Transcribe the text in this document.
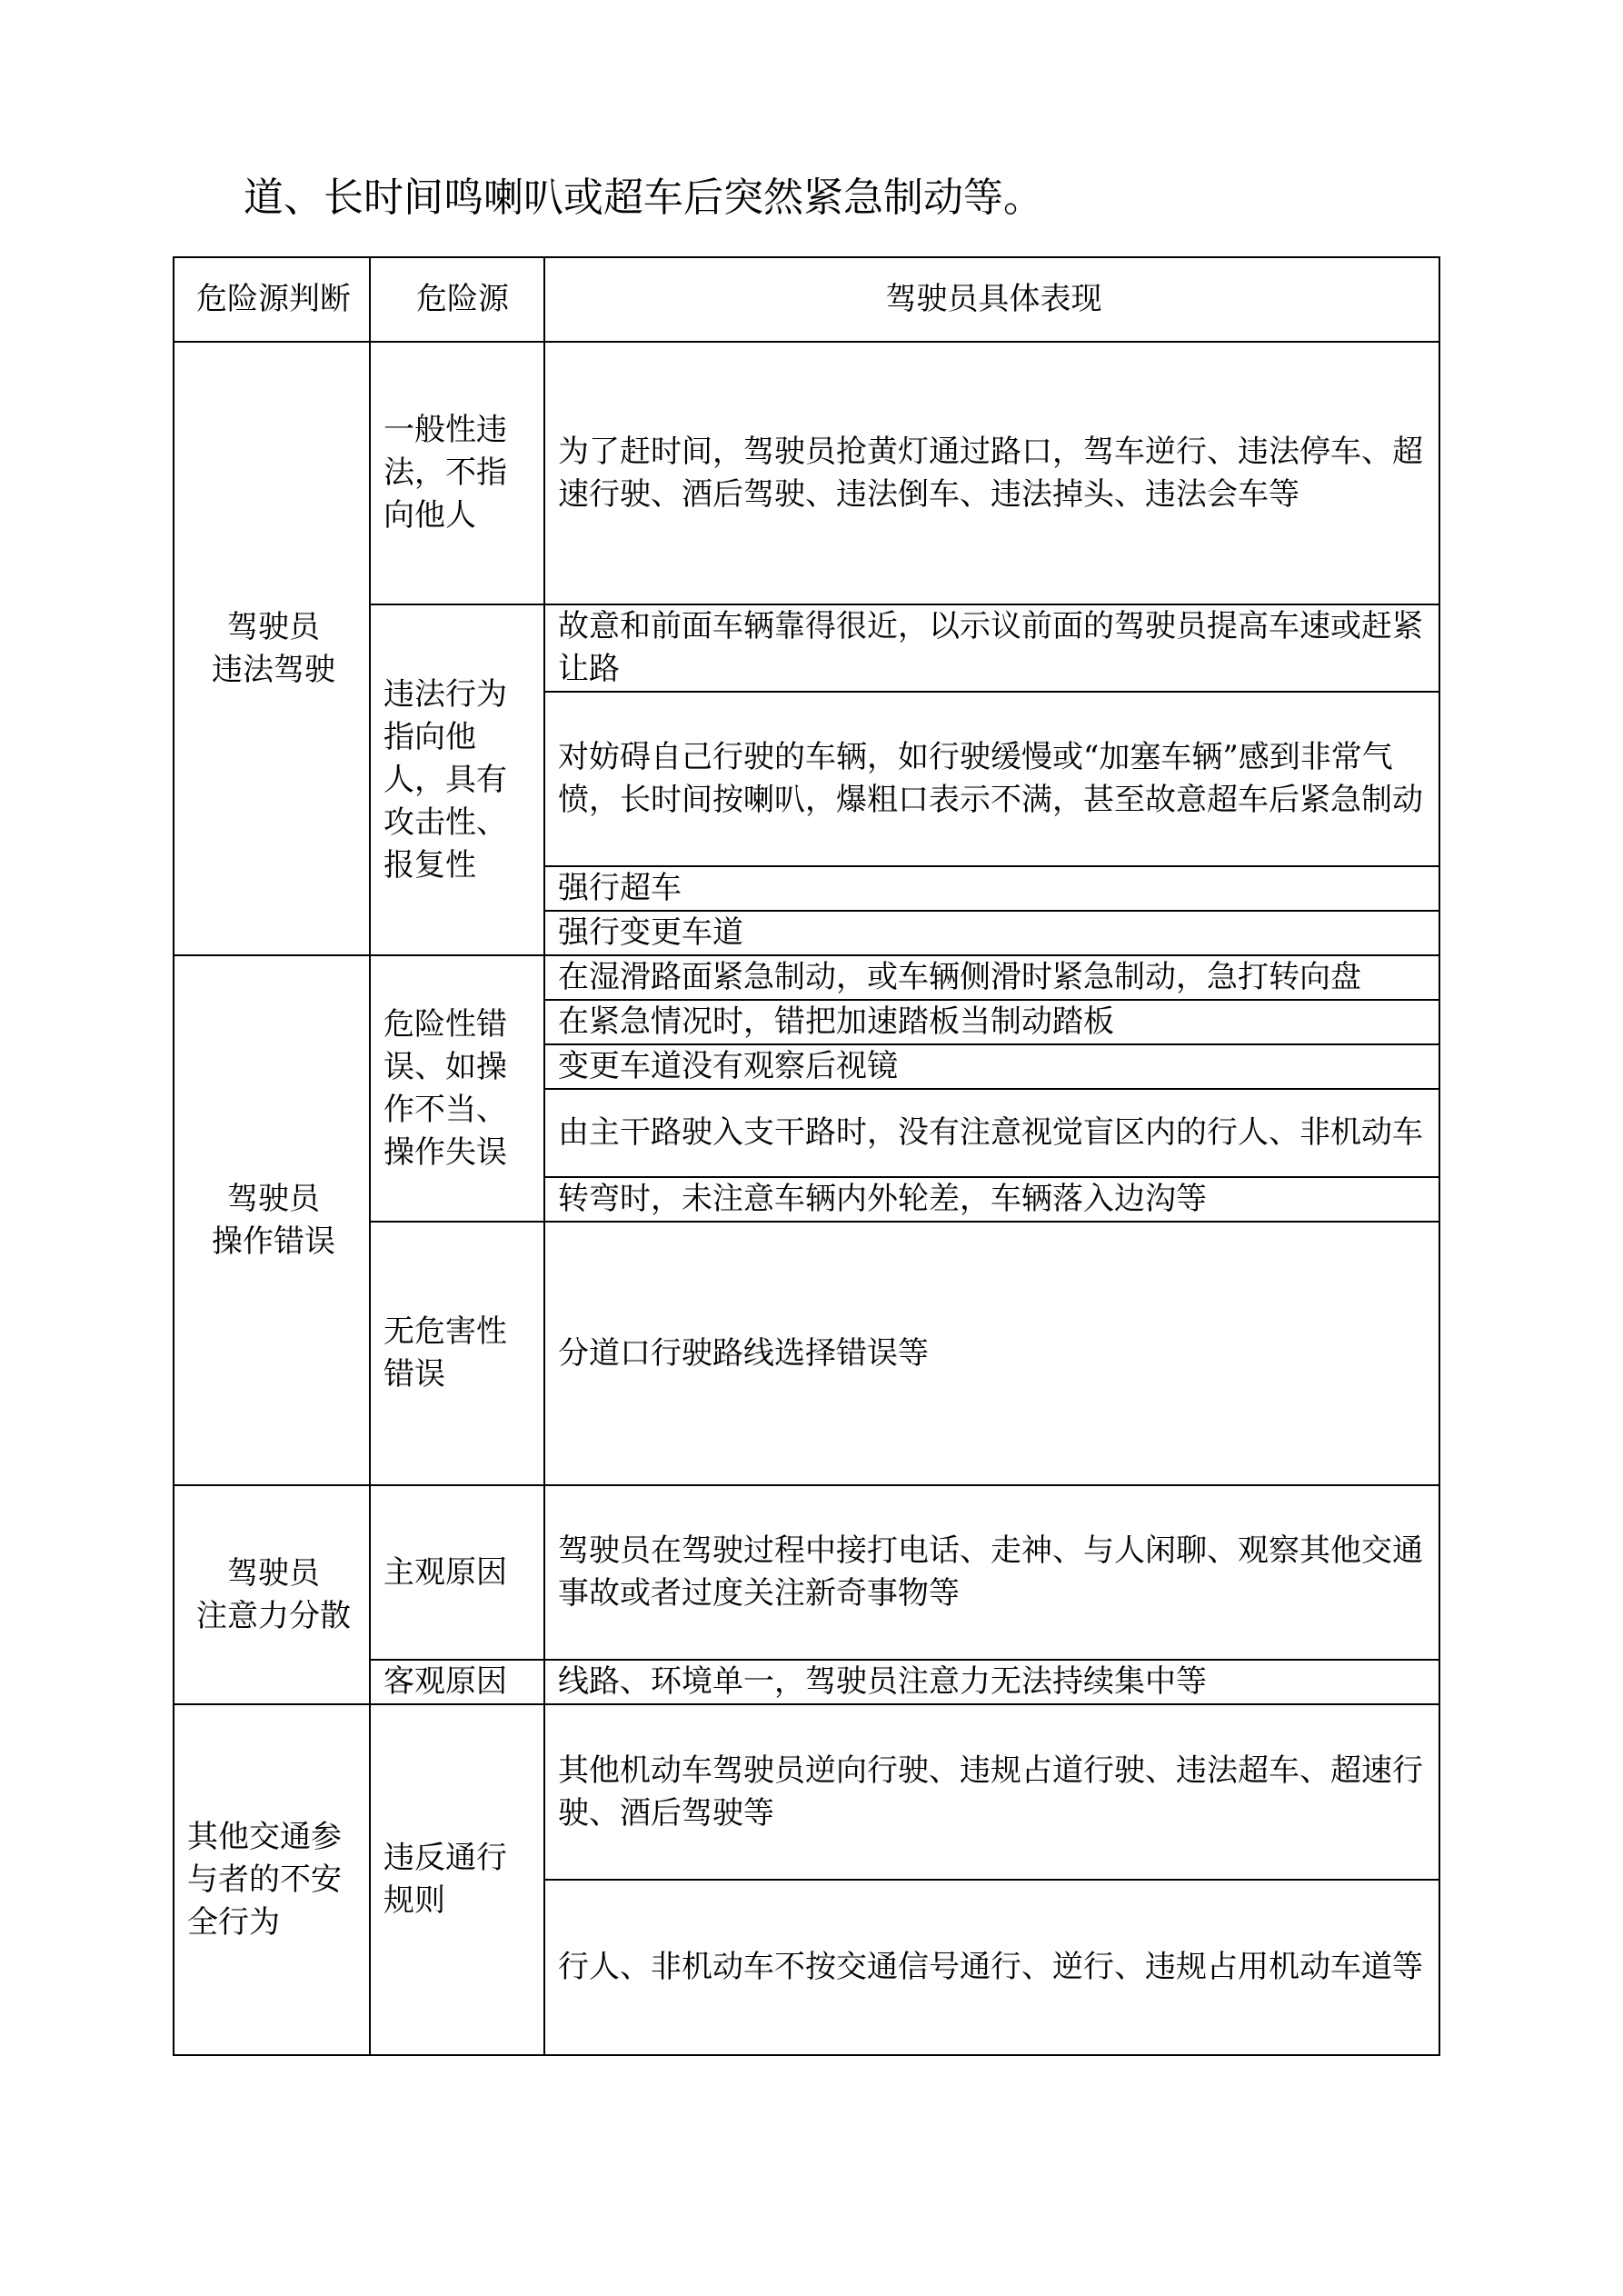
道、长时间鸣喇叭或超车后突然紧急制动等。

危险源判断	危险源	驾驶员具体表现

驾驶员
违法驾驶	一般性违法，不指向他人	为了赶时间，驾驶员抢黄灯通过路口，驾车逆行、违法停车、超速行驶、酒后驾驶、违法倒车、违法掉头、违法会车等
	违法行为指向他人，具有攻击性、报复性	故意和前面车辆靠得很近，以示议前面的驾驶员提高车速或赶紧让路
		对妨碍自己行驶的车辆，如行驶缓慢或“加塞车辆”感到非常气愤，长时间按喇叭，爆粗口表示不满，甚至故意超车后紧急制动
		强行超车
		强行变更车道

驾驶员
操作错误	危险性错误、如操作不当、操作失误	在湿滑路面紧急制动，或车辆侧滑时紧急制动，急打转向盘
		在紧急情况时，错把加速踏板当制动踏板
		变更车道没有观察后视镜
		由主干路驶入支干路时，没有注意视觉盲区内的行人、非机动车
		转弯时，未注意车辆内外轮差，车辆落入边沟等
	无危害性错误	分道口行驶路线选择错误等

驾驶员
注意力分散	主观原因	驾驶员在驾驶过程中接打电话、走神、与人闲聊、观察其他交通事故或者过度关注新奇事物等
	客观原因	线路、环境单一，驾驶员注意力无法持续集中等
其他交通参与者的不安全行为	违反通行规则	其他机动车驾驶员逆向行驶、违规占道行驶、违法超车、超速行驶、酒后驾驶等
		行人、非机动车不按交通信号通行、逆行、违规占用机动车道等
